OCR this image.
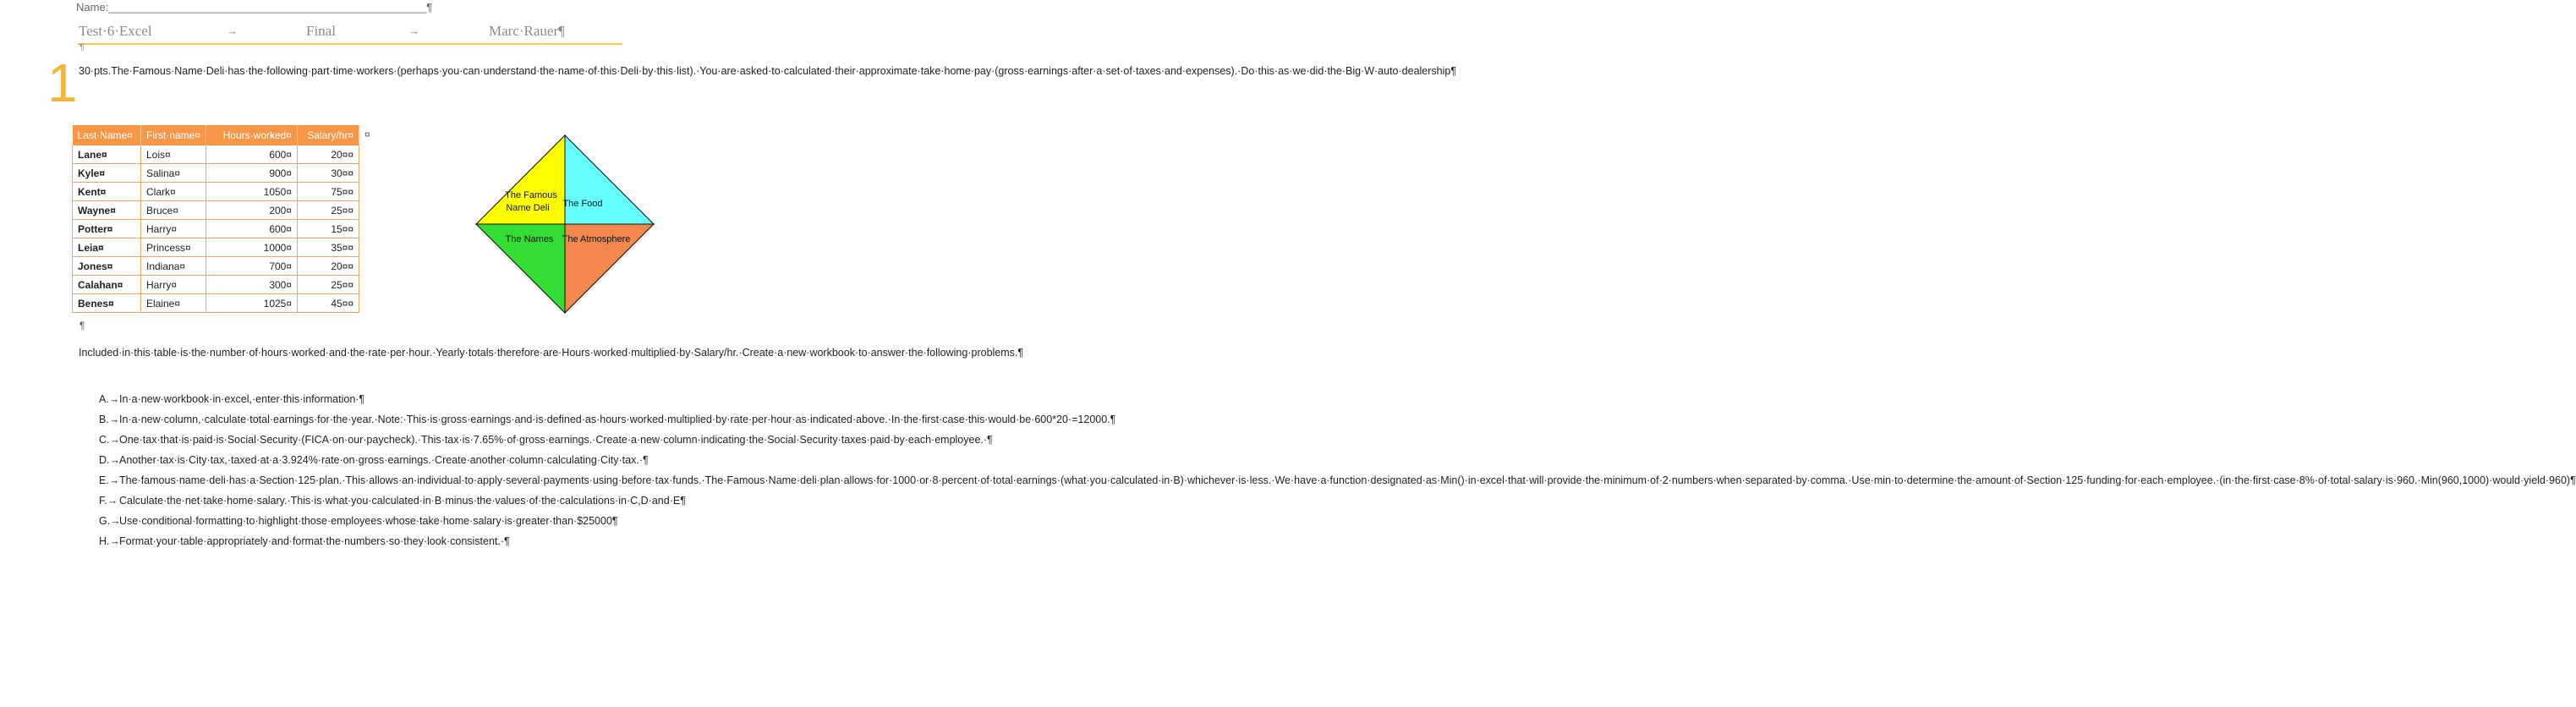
Name:____________________________________________________¶
Test·6·Excel	→	Final	→	Marc·Rauer¶
¶
1 30·pts.The·Famous·Name·Deli·has·the·following·part·time·workers·(perhaps·you·can·understand·the·name·of·this·Deli·by·this·list).·You·are·asked·to·calculated·their·approximate·take·home·pay·(gross·earnings·after·a·set·of·taxes·and·expenses).·Do·this·as·we·did·the·Big·W·auto·dealership¶
Last·Name¤	First·name¤	Hours·worked¤	Salary/hr¤
Lane¤	Lois¤	600¤	20¤¤
Kyle¤	Salina¤	900¤	30¤¤
Kent¤	Clark¤	1050¤	75¤¤
Wayne¤	Bruce¤	200¤	25¤¤
Potter¤	Harry¤	600¤	15¤¤
Leia¤	Princess¤	1000¤	35¤¤
Jones¤	Indiana¤	700¤	20¤¤
Calahan¤	Harry¤	300¤	25¤¤
Benes¤	Elaine¤	1025¤	45¤¤
¤
¶
The Famous
Name Deli The Food
The Names The Atmosphere
Included·in·this·table·is·the·number·of·hours·worked·and·the·rate·per·hour.·Yearly·totals·therefore·are·Hours·worked·multiplied·by·Salary/hr.·Create·a·new·workbook·to·answer·the·following·problems.¶
A.→ In·a·new·workbook·in·excel,·enter·this·information·¶
B.→ In·a·new·column,·calculate·total·earnings·for·the·year.·Note:·This·is·gross·earnings·and·is·defined·as·hours·worked·multiplied·by·rate·per·hour·as·indicated·above.·In·the·first·case·this·would·be·600*20·=12000.¶
C.→ One·tax·that·is·paid·is·Social·Security·(FICA·on·our·paycheck).·This·tax·is·7.65%·of·gross·earnings.·Create·a·new·column·indicating·the·Social·Security·taxes·paid·by·each·employee.·¶
D.→ Another·tax·is·City·tax,·taxed·at·a·3.924%·rate·on·gross·earnings.·Create·another·column·calculating·City·tax.·¶
E.→ The·famous·name·deli·has·a·Section·125·plan.·This·allows·an·individual·to·apply·several·payments·using·before·tax·funds.·The·Famous·Name·deli·plan·allows·for·1000·or·8·percent·of·total·earnings·(what·you·calculated·in·B)·whichever·is·less.·We·have·a·function·designated·as·Min()·in·excel·that·will·provide·the·minimum·of·2·numbers·when·separated·by·comma.·Use·min·to·determine·the·amount·of·Section·125·funding·for·each·employee.·(in·the·first·case·8%·of·total·salary·is·960.·Min(960,1000)·would·yield·960)¶
F.→ Calculate·the·net·take·home·salary.·This·is·what·you·calculated·in·B·minus·the·values·of·the·calculations·in·C,D·and·E¶
G.→
Use·conditional·formatting·to·highlight·those·employees·whose·take·home·salary·is·greater·than·$25000¶
H.→ Format·your·table·appropriately·and·format·the·numbers·so·they·look·consistent.·¶
